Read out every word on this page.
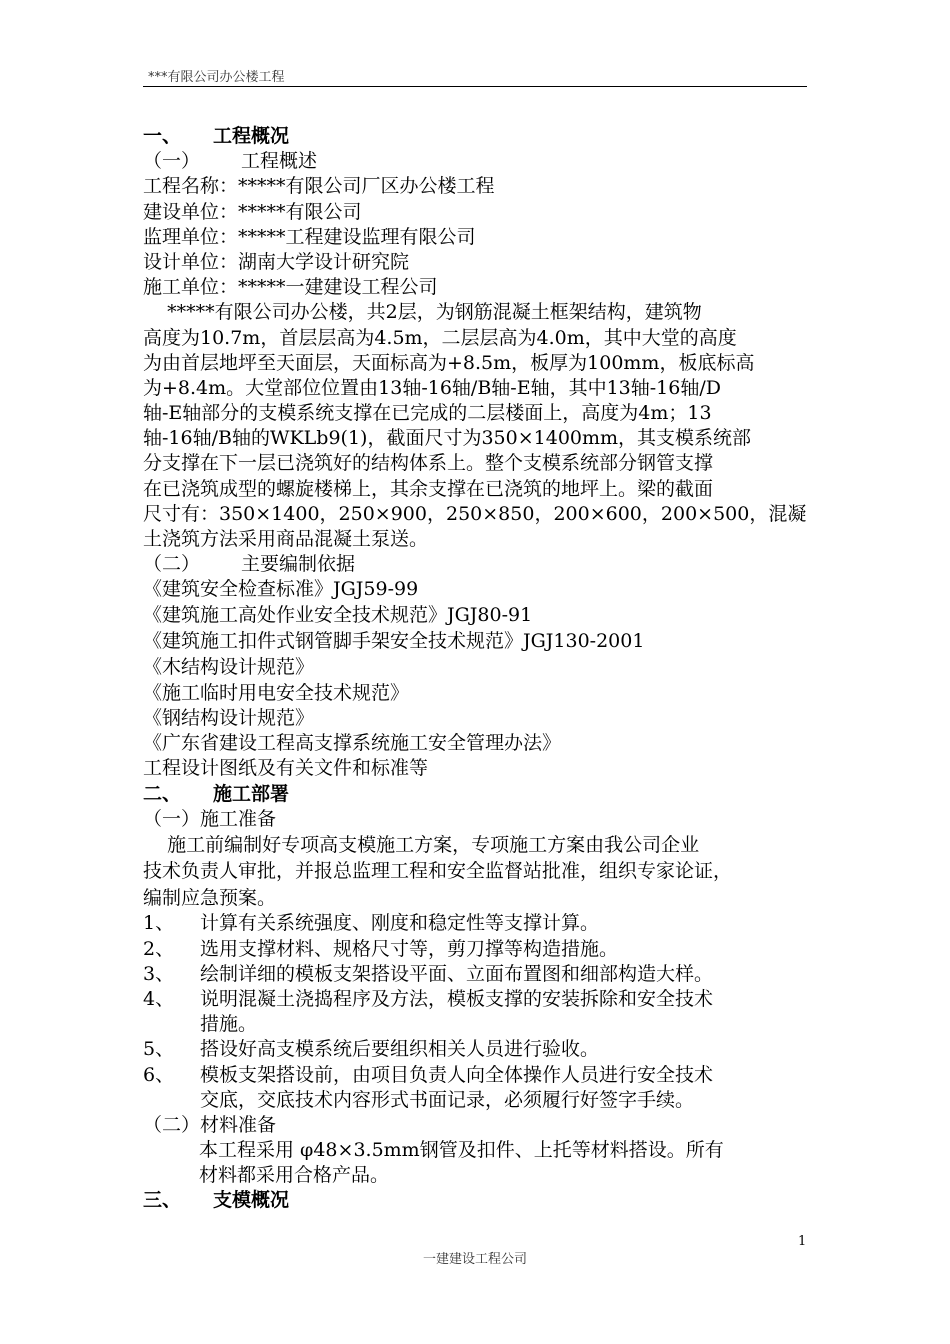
***有限公司办公楼工程
一、 工程概况
（一） 工程概述
工程名称：*****有限公司厂区办公楼工程
建设单位：*****有限公司
监理单位：*****工程建设监理有限公司
设计单位：湖南大学设计研究院
施工单位：*****一建建设工程公司
*****有限公司办公楼，共2层，为钢筋混凝土框架结构，建筑物
高度为10.7m，首层层高为4.5m，二层层高为4.0m，其中大堂的高度
为由首层地坪至天面层，天面标高为+8.5m，板厚为100mm，板底标高
为+8.4m。大堂部位位置由13轴-16轴/B轴-E轴，其中13轴-16轴/D
轴-E轴部分的支模系统支撑在已完成的二层楼面上，高度为4m；13
轴-16轴/B轴的WKLb9(1)，截面尺寸为350×1400mm，其支模系统部
分支撑在下一层已浇筑好的结构体系上。整个支模系统部分钢管支撑
在已浇筑成型的螺旋楼梯上，其余支撑在已浇筑的地坪上。梁的截面
尺寸有：350×1400，250×900，250×850，200×600，200×500，混凝
土浇筑方法采用商品混凝土泵送。
（二） 主要编制依据
《建筑安全检查标准》JGJ59-99
《建筑施工高处作业安全技术规范》JGJ80-91
《建筑施工扣件式钢管脚手架安全技术规范》JGJ130-2001
《木结构设计规范》
《施工临时用电安全技术规范》
《钢结构设计规范》
《广东省建设工程高支撑系统施工安全管理办法》
工程设计图纸及有关文件和标准等
二、 施工部署
（一）施工准备
施工前编制好专项高支模施工方案，专项施工方案由我公司企业
技术负责人审批，并报总监理工程和安全监督站批准，组织专家论证，
编制应急预案。
1、	计算有关系统强度、刚度和稳定性等支撑计算。
2、	选用支撑材料、规格尺寸等，剪刀撑等构造措施。
3、	绘制详细的模板支架搭设平面、立面布置图和细部构造大样。
4、	说明混凝土浇捣程序及方法，模板支撑的安装拆除和安全技术
措施。
5、	搭设好高支模系统后要组织相关人员进行验收。
6、	模板支架搭设前，由项目负责人向全体操作人员进行安全技术
交底，交底技术内容形式书面记录，必须履行好签字手续。
（二）材料准备
本工程采用 φ48×3.5mm钢管及扣件、上托等材料搭设。所有
材料都采用合格产品。
三、 支模概况
1
一建建设工程公司
